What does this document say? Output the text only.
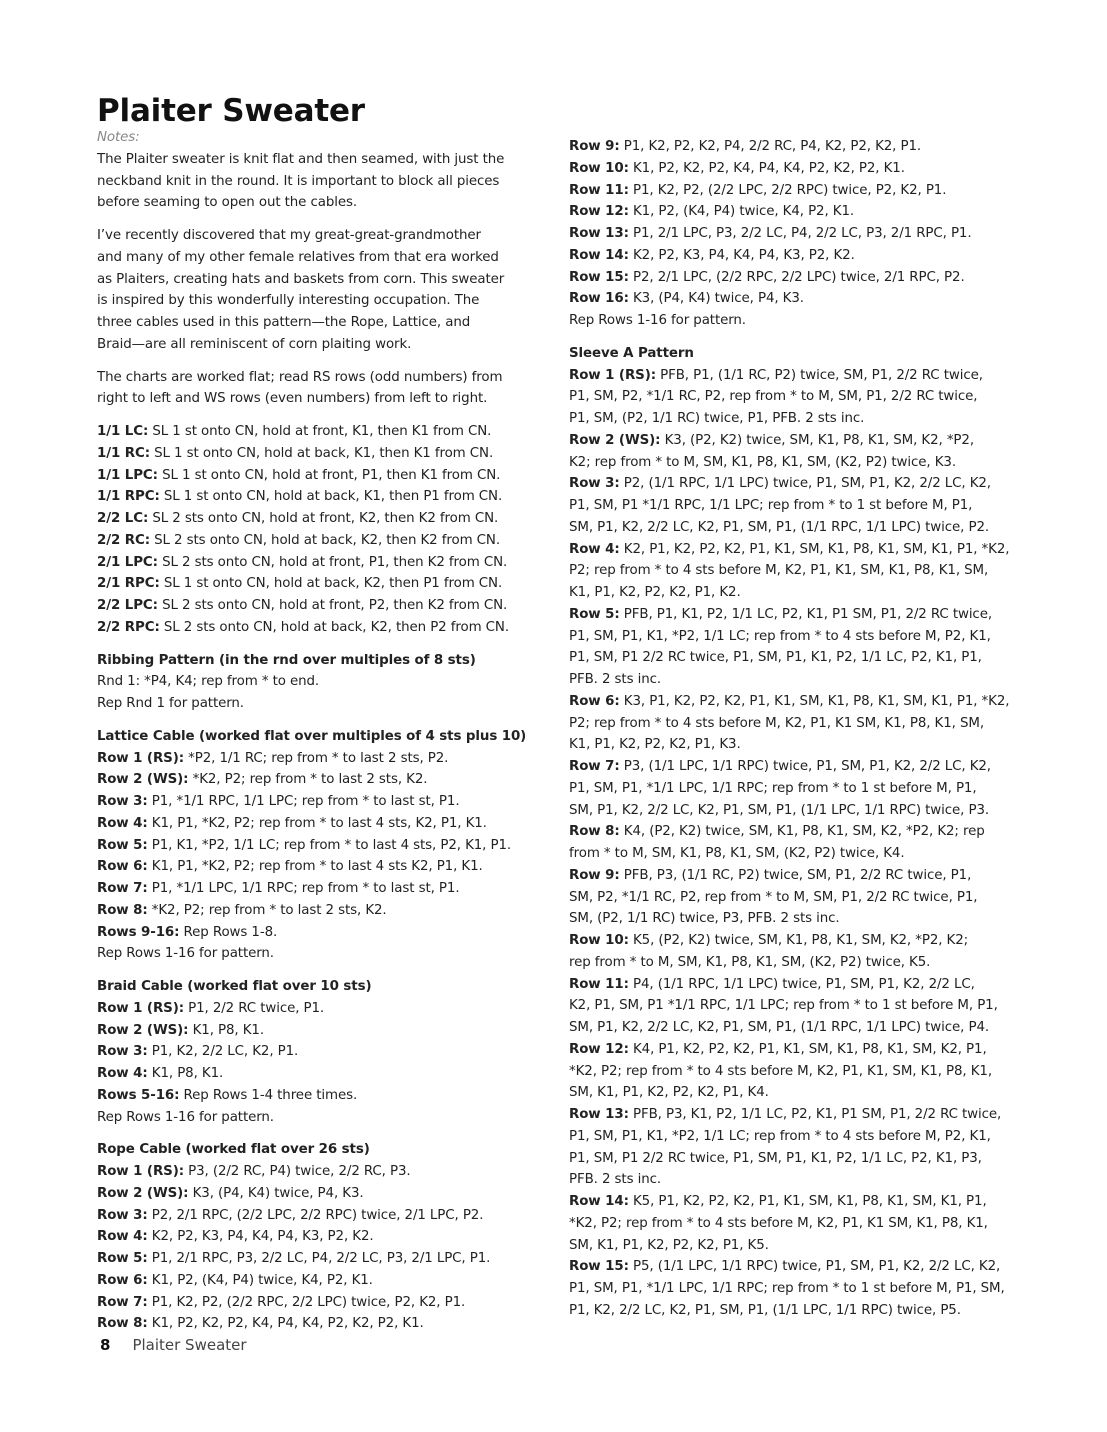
Plaiter Sweater
Notes:
The Plaiter sweater is knit flat and then seamed, with just the
neckband knit in the round. It is important to block all pieces
before seaming to open out the cables.
I’ve recently discovered that my great-great-grandmother
and many of my other female relatives from that era worked
as Plaiters, creating hats and baskets from corn. This sweater
is inspired by this wonderfully interesting occupation. The
three cables used in this pattern—the Rope, Lattice, and
Braid—are all reminiscent of corn plaiting work.
The charts are worked flat; read RS rows (odd numbers) from
right to left and WS rows (even numbers) from left to right.
1/1 LC: SL 1 st onto CN, hold at front, K1, then K1 from CN.
1/1 RC: SL 1 st onto CN, hold at back, K1, then K1 from CN.
1/1 LPC: SL 1 st onto CN, hold at front, P1, then K1 from CN.
1/1 RPC: SL 1 st onto CN, hold at back, K1, then P1 from CN.
2/2 LC: SL 2 sts onto CN, hold at front, K2, then K2 from CN.
2/2 RC: SL 2 sts onto CN, hold at back, K2, then K2 from CN.
2/1 LPC: SL 2 sts onto CN, hold at front, P1, then K2 from CN.
2/1 RPC: SL 1 st onto CN, hold at back, K2, then P1 from CN.
2/2 LPC: SL 2 sts onto CN, hold at front, P2, then K2 from CN.
2/2 RPC: SL 2 sts onto CN, hold at back, K2, then P2 from CN.
Ribbing Pattern (in the rnd over multiples of 8 sts)
Rnd 1: *P4, K4; rep from * to end.
Rep Rnd 1 for pattern.
Lattice Cable (worked flat over multiples of 4 sts plus 10)
Row 1 (RS): *P2, 1/1 RC; rep from * to last 2 sts, P2.
Row 2 (WS): *K2, P2; rep from * to last 2 sts, K2.
Row 3: P1, *1/1 RPC, 1/1 LPC; rep from * to last st, P1.
Row 4: K1, P1, *K2, P2; rep from * to last 4 sts, K2, P1, K1.
Row 5: P1, K1, *P2, 1/1 LC; rep from * to last 4 sts, P2, K1, P1.
Row 6: K1, P1, *K2, P2; rep from * to last 4 sts K2, P1, K1.
Row 7: P1, *1/1 LPC, 1/1 RPC; rep from * to last st, P1.
Row 8: *K2, P2; rep from * to last 2 sts, K2.
Rows 9-16: Rep Rows 1-8.
Rep Rows 1-16 for pattern.
Braid Cable (worked flat over 10 sts)
Row 1 (RS): P1, 2/2 RC twice, P1.
Row 2 (WS): K1, P8, K1.
Row 3: P1, K2, 2/2 LC, K2, P1.
Row 4: K1, P8, K1.
Rows 5-16: Rep Rows 1-4 three times.
Rep Rows 1-16 for pattern.
Rope Cable (worked flat over 26 sts)
Row 1 (RS): P3, (2/2 RC, P4) twice, 2/2 RC, P3.
Row 2 (WS): K3, (P4, K4) twice, P4, K3.
Row 3: P2, 2/1 RPC, (2/2 LPC, 2/2 RPC) twice, 2/1 LPC, P2.
Row 4: K2, P2, K3, P4, K4, P4, K3, P2, K2.
Row 5: P1, 2/1 RPC, P3, 2/2 LC, P4, 2/2 LC, P3, 2/1 LPC, P1.
Row 6: K1, P2, (K4, P4) twice, K4, P2, K1.
Row 7: P1, K2, P2, (2/2 RPC, 2/2 LPC) twice, P2, K2, P1.
Row 8: K1, P2, K2, P2, K4, P4, K4, P2, K2, P2, K1.
Row 9: P1, K2, P2, K2, P4, 2/2 RC, P4, K2, P2, K2, P1.
Row 10: K1, P2, K2, P2, K4, P4, K4, P2, K2, P2, K1.
Row 11: P1, K2, P2, (2/2 LPC, 2/2 RPC) twice, P2, K2, P1.
Row 12: K1, P2, (K4, P4) twice, K4, P2, K1.
Row 13: P1, 2/1 LPC, P3, 2/2 LC, P4, 2/2 LC, P3, 2/1 RPC, P1.
Row 14: K2, P2, K3, P4, K4, P4, K3, P2, K2.
Row 15: P2, 2/1 LPC, (2/2 RPC, 2/2 LPC) twice, 2/1 RPC, P2.
Row 16: K3, (P4, K4) twice, P4, K3.
Rep Rows 1-16 for pattern.
Sleeve A Pattern
Row 1 (RS): PFB, P1, (1/1 RC, P2) twice, SM, P1, 2/2 RC twice,
P1, SM, P2, *1/1 RC, P2, rep from * to M, SM, P1, 2/2 RC twice,
P1, SM, (P2, 1/1 RC) twice, P1, PFB. 2 sts inc.
Row 2 (WS): K3, (P2, K2) twice, SM, K1, P8, K1, SM, K2, *P2,
K2; rep from * to M, SM, K1, P8, K1, SM, (K2, P2) twice, K3.
Row 3: P2, (1/1 RPC, 1/1 LPC) twice, P1, SM, P1, K2, 2/2 LC, K2,
P1, SM, P1 *1/1 RPC, 1/1 LPC; rep from * to 1 st before M, P1,
SM, P1, K2, 2/2 LC, K2, P1, SM, P1, (1/1 RPC, 1/1 LPC) twice, P2.
Row 4: K2, P1, K2, P2, K2, P1, K1, SM, K1, P8, K1, SM, K1, P1, *K2,
P2; rep from * to 4 sts before M, K2, P1, K1, SM, K1, P8, K1, SM,
K1, P1, K2, P2, K2, P1, K2.
Row 5: PFB, P1, K1, P2, 1/1 LC, P2, K1, P1 SM, P1, 2/2 RC twice,
P1, SM, P1, K1, *P2, 1/1 LC; rep from * to 4 sts before M, P2, K1,
P1, SM, P1 2/2 RC twice, P1, SM, P1, K1, P2, 1/1 LC, P2, K1, P1,
PFB. 2 sts inc.
Row 6: K3, P1, K2, P2, K2, P1, K1, SM, K1, P8, K1, SM, K1, P1, *K2,
P2; rep from * to 4 sts before M, K2, P1, K1 SM, K1, P8, K1, SM,
K1, P1, K2, P2, K2, P1, K3.
Row 7: P3, (1/1 LPC, 1/1 RPC) twice, P1, SM, P1, K2, 2/2 LC, K2,
P1, SM, P1, *1/1 LPC, 1/1 RPC; rep from * to 1 st before M, P1,
SM, P1, K2, 2/2 LC, K2, P1, SM, P1, (1/1 LPC, 1/1 RPC) twice, P3.
Row 8: K4, (P2, K2) twice, SM, K1, P8, K1, SM, K2, *P2, K2; rep
from * to M, SM, K1, P8, K1, SM, (K2, P2) twice, K4.
Row 9: PFB, P3, (1/1 RC, P2) twice, SM, P1, 2/2 RC twice, P1,
SM, P2, *1/1 RC, P2, rep from * to M, SM, P1, 2/2 RC twice, P1,
SM, (P2, 1/1 RC) twice, P3, PFB. 2 sts inc.
Row 10: K5, (P2, K2) twice, SM, K1, P8, K1, SM, K2, *P2, K2;
rep from * to M, SM, K1, P8, K1, SM, (K2, P2) twice, K5.
Row 11: P4, (1/1 RPC, 1/1 LPC) twice, P1, SM, P1, K2, 2/2 LC,
K2, P1, SM, P1 *1/1 RPC, 1/1 LPC; rep from * to 1 st before M, P1,
SM, P1, K2, 2/2 LC, K2, P1, SM, P1, (1/1 RPC, 1/1 LPC) twice, P4.
Row 12: K4, P1, K2, P2, K2, P1, K1, SM, K1, P8, K1, SM, K2, P1,
*K2, P2; rep from * to 4 sts before M, K2, P1, K1, SM, K1, P8, K1,
SM, K1, P1, K2, P2, K2, P1, K4.
Row 13: PFB, P3, K1, P2, 1/1 LC, P2, K1, P1 SM, P1, 2/2 RC twice,
P1, SM, P1, K1, *P2, 1/1 LC; rep from * to 4 sts before M, P2, K1,
P1, SM, P1 2/2 RC twice, P1, SM, P1, K1, P2, 1/1 LC, P2, K1, P3,
PFB. 2 sts inc.
Row 14: K5, P1, K2, P2, K2, P1, K1, SM, K1, P8, K1, SM, K1, P1,
*K2, P2; rep from * to 4 sts before M, K2, P1, K1 SM, K1, P8, K1,
SM, K1, P1, K2, P2, K2, P1, K5.
Row 15: P5, (1/1 LPC, 1/1 RPC) twice, P1, SM, P1, K2, 2/2 LC, K2,
P1, SM, P1, *1/1 LPC, 1/1 RPC; rep from * to 1 st before M, P1, SM,
P1, K2, 2/2 LC, K2, P1, SM, P1, (1/1 LPC, 1/1 RPC) twice, P5.
8 Plaiter Sweater
